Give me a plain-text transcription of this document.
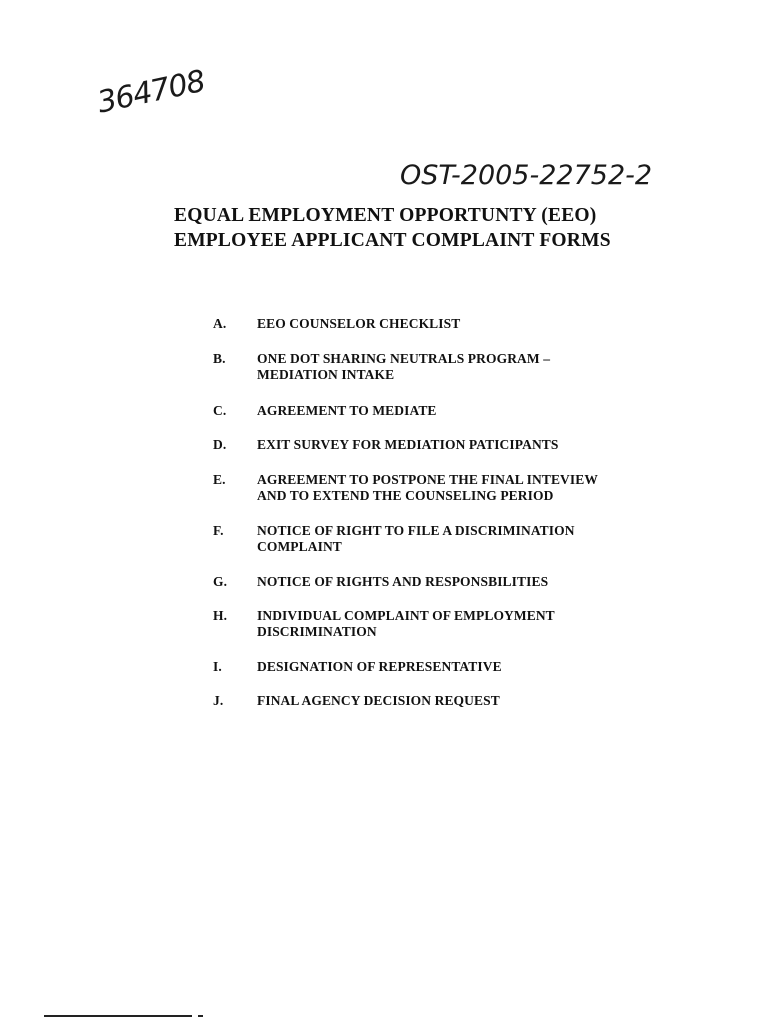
364708
OST-2005-22752-2
EQUAL EMPLOYMENT OPPORTUNTY (EEO)
EMPLOYEE APPLICANT COMPLAINT FORMS
A.	EEO COUNSELOR CHECKLIST
B.	ONE DOT SHARING NEUTRALS PROGRAM –
MEDIATION INTAKE
C.	AGREEMENT TO MEDIATE
D.	EXIT SURVEY FOR MEDIATION PATICIPANTS
E.	AGREEMENT TO POSTPONE THE FINAL INTEVIEW
AND TO EXTEND THE COUNSELING PERIOD
F.	NOTICE OF RIGHT TO FILE A DISCRIMINATION
COMPLAINT
G.	NOTICE OF RIGHTS AND RESPONSBILITIES
H.	INDIVIDUAL COMPLAINT OF EMPLOYMENT
DISCRIMINATION
I.	DESIGNATION OF REPRESENTATIVE
J.	FINAL AGENCY DECISION REQUEST
